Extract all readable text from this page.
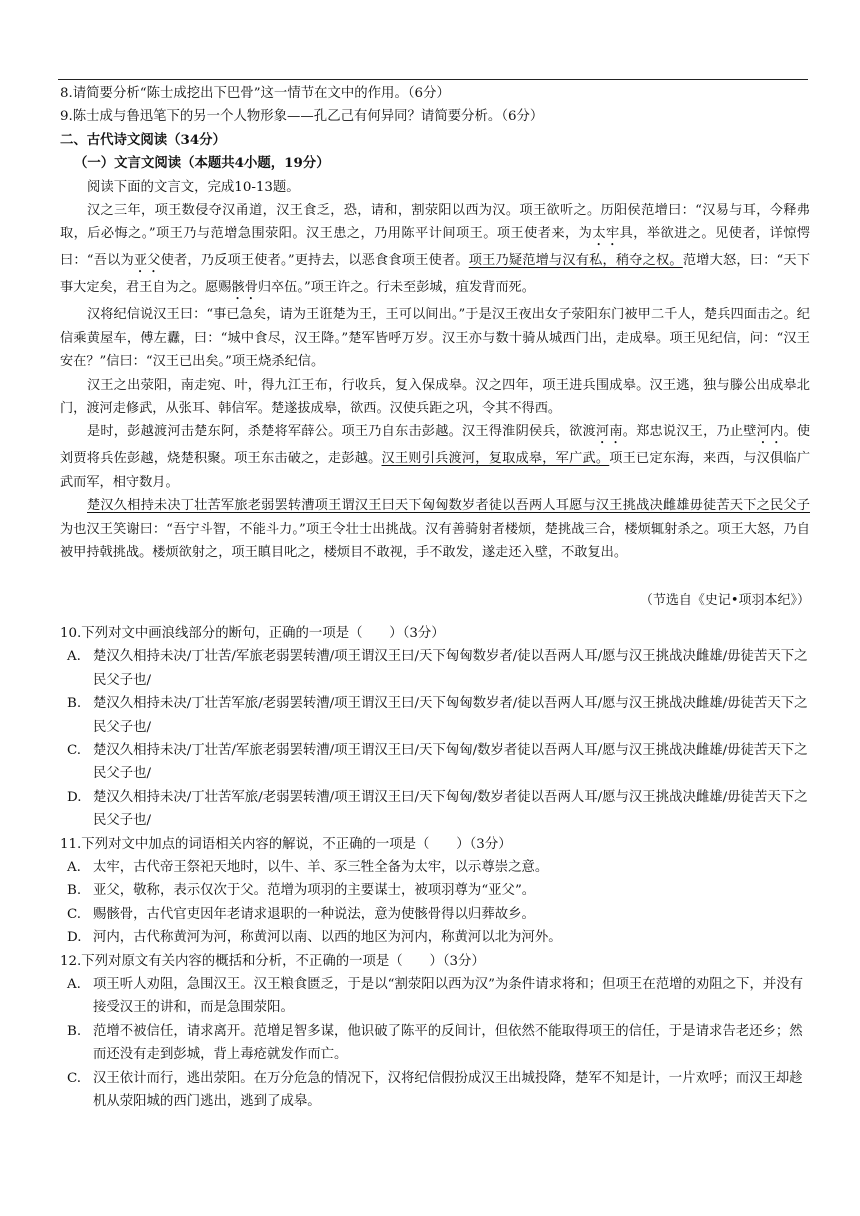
8.请简要分析“陈士成挖出下巴骨”这一情节在文中的作用。（6分）
9.陈士成与鲁迅笔下的另一个人物形象——孔乙己有何异同？请简要分析。（6分）
二、古代诗文阅读（34分）
（一）文言文阅读（本题共4小题，19分）
阅读下面的文言文，完成10-13题。
汉之三年，项王数侵夺汉甬道，汉王食乏，恐，请和，割荥阳以西为汉。项王欲听之。历阳侯范增曰：“汉易与耳，今释弗取，后必悔之。”项王乃与范增急围荥阳。汉王患之，乃用陈平计间项王。项王使者来，为太牢具，举欲进之。见使者，详惊愕曰：“吾以为亚父使者，乃反项王使者。”更持去，以恶食食项王使者。项王乃疑范增与汉有私，稍夺之权。范增大怒，曰：“天下事大定矣，君王自为之。愿赐骸骨归卒伍。”项王许之。行未至彭城，疽发背而死。
汉将纪信说汉王曰：“事已急矣，请为王诳楚为王，王可以间出。”于是汉王夜出女子荥阳东门被甲二千人，楚兵四面击之。纪信乘黄屋车，傅左纛，曰：“城中食尽，汉王降。”楚军皆呼万岁。汉王亦与数十骑从城西门出，走成皋。项王见纪信，问：“汉王安在？”信曰：“汉王已出矣。”项王烧杀纪信。
汉王之出荥阳，南走宛、叶，得九江王布，行收兵，复入保成皋。汉之四年，项王进兵围成皋。汉王逃，独与滕公出成皋北门，渡河走修武，从张耳、韩信军。楚遂拔成皋，欲西。汉使兵距之巩，令其不得西。
是时，彭越渡河击楚东阿，杀楚将军薛公。项王乃自东击彭越。汉王得淮阴侯兵，欲渡河南。郑忠说汉王，乃止壁河内。使刘贾将兵佐彭越，烧楚积聚。项王东击破之，走彭越。汉王则引兵渡河，复取成皋，军广武。项王已定东海，来西，与汉俱临广武而军，相守数月。
楚汉久相持未决丁壮苦军旅老弱罢转漕项王谓汉王曰天下匈匈数岁者徒以吾两人耳愿与汉王挑战决雌雄毋徒苦天下之民父子为也汉王笑谢曰：“吾宁斗智，不能斗力。”项王令壮士出挑战。汉有善骑射者楼烦，楚挑战三合，楼烦辄射杀之。项王大怒，乃自被甲持戟挑战。楼烦欲射之，项王瞋目叱之，楼烦目不敢视，手不敢发，遂走还入壁，不敢复出。
（节选自《史记•项羽本纪》）
10.下列对文中画浪线部分的断句，正确的一项是（　　）（3分）
A. 楚汉久相持未决/丁壮苦/军旅老弱罢转漕/项王谓汉王曰/天下匈匈数岁者/徒以吾两人耳/愿与汉王挑战决雌雄/毋徒苦天下之民父子也/
B. 楚汉久相持未决/丁壮苦军旅/老弱罢转漕/项王谓汉王曰/天下匈匈数岁者/徒以吾两人耳/愿与汉王挑战决雌雄/毋徒苦天下之民父子也/
C. 楚汉久相持未决/丁壮苦/军旅老弱罢转漕/项王谓汉王曰/天下匈匈/数岁者徒以吾两人耳/愿与汉王挑战决雌雄/毋徒苦天下之民父子也/
D. 楚汉久相持未决/丁壮苦军旅/老弱罢转漕/项王谓汉王曰/天下匈匈/数岁者徒以吾两人耳/愿与汉王挑战决雌雄/毋徒苦天下之民父子也/
11.下列对文中加点的词语相关内容的解说，不正确的一项是（　　）（3分）
A. 太牢，古代帝王祭祀天地时，以牛、羊、豕三牲全备为太牢，以示尊崇之意。
B. 亚父，敬称，表示仅次于父。范增为项羽的主要谋士，被项羽尊为“亚父”。
C. 赐骸骨，古代官吏因年老请求退职的一种说法，意为使骸骨得以归葬故乡。
D. 河内，古代称黄河为河，称黄河以南、以西的地区为河内，称黄河以北为河外。
12.下列对原文有关内容的概括和分析，不正确的一项是（　　）（3分）
A. 项王听人劝阻，急围汉王。汉王粮食匮乏，于是以“割荥阳以西为汉”为条件请求将和；但项王在范增的劝阻之下，并没有接受汉王的讲和，而是急围荥阳。
B. 范增不被信任，请求离开。范增足智多谋，他识破了陈平的反间计，但依然不能取得项王的信任，于是请求告老还乡；然而还没有走到彭城，背上毒疮就发作而亡。
C. 汉王依计而行，逃出荥阳。在万分危急的情况下，汉将纪信假扮成汉王出城投降，楚军不知是计，一片欢呼；而汉王却趁机从荥阳城的西门逃出，逃到了成皋。
